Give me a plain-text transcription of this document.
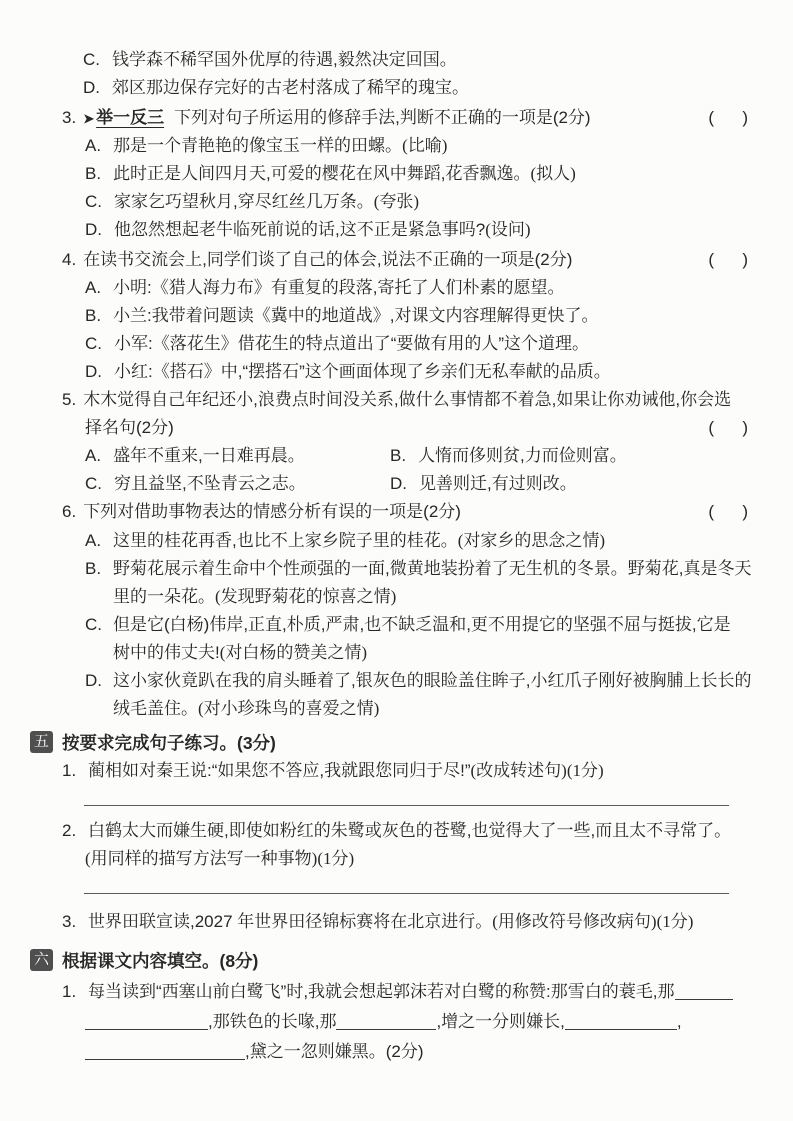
C. 钱学森不稀罕国外优厚的待遇,毅然决定回国。
D. 郊区那边保存完好的古老村落成了稀罕的瑰宝。
3. ➤ 举一反三 下列对句子所运用的修辞手法,判断不正确的一项是(2分)	(      )
A. 那是一个青艳艳的像宝玉一样的田螺。(比喻)
B. 此时正是人间四月天,可爱的樱花在风中舞蹈,花香飘逸。(拟人)
C. 家家乞巧望秋月,穿尽红丝几万条。(夸张)
D. 他忽然想起老牛临死前说的话,这不正是紧急事吗?(设问)
4. 在读书交流会上,同学们谈了自己的体会,说法不正确的一项是(2分)	(      )
A. 小明:《猎人海力布》有重复的段落,寄托了人们朴素的愿望。
B. 小兰:我带着问题读《冀中的地道战》,对课文内容理解得更快了。
C. 小军:《落花生》借花生的特点道出了“要做有用的人”这个道理。
D. 小红:《搭石》中,“摆搭石”这个画面体现了乡亲们无私奉献的品质。
5. 木木觉得自己年纪还小,浪费点时间没关系,做什么事情都不着急,如果让你劝诫他,你会选
择名句(2分)	(      )
A. 盛年不重来,一日难再晨。	B. 人惰而侈则贫,力而俭则富。
C. 穷且益坚,不坠青云之志。	D. 见善则迁,有过则改。
6. 下列对借助事物表达的情感分析有误的一项是(2分)	(      )
A. 这里的桂花再香,也比不上家乡院子里的桂花。(对家乡的思念之情)
B. 野菊花展示着生命中个性顽强的一面,微黄地装扮着了无生机的冬景。野菊花,真是冬天
里的一朵花。(发现野菊花的惊喜之情)
C. 但是它(白杨)伟岸,正直,朴质,严肃,也不缺乏温和,更不用提它的坚强不屈与挺拔,它是
树中的伟丈夫!(对白杨的赞美之情)
D. 这小家伙竟趴在我的肩头睡着了,银灰色的眼睑盖住眸子,小红爪子刚好被胸脯上长长的
绒毛盖住。(对小珍珠鸟的喜爱之情)
五 按要求完成句子练习。(3分)
1. 蔺相如对秦王说:“如果您不答应,我就跟您同归于尽!”(改成转述句)(1分)
2. 白鹤太大而嫌生硬,即使如粉红的朱鹭或灰色的苍鹭,也觉得大了一些,而且太不寻常了。
(用同样的描写方法写一种事物)(1分)
3. 世界田联宣读,2027 年世界田径锦标赛将在北京进行。(用修改符号修改病句)(1分)
六 根据课文内容填空。(8分)
1. 每当读到“西塞山前白鹭飞”时,我就会想起郭沫若对白鹭的称赞:那雪白的蓑毛,那
,那铁色的长喙,那	,增之一分则嫌长,	,
,黛之一忽则嫌黑。(2分)
